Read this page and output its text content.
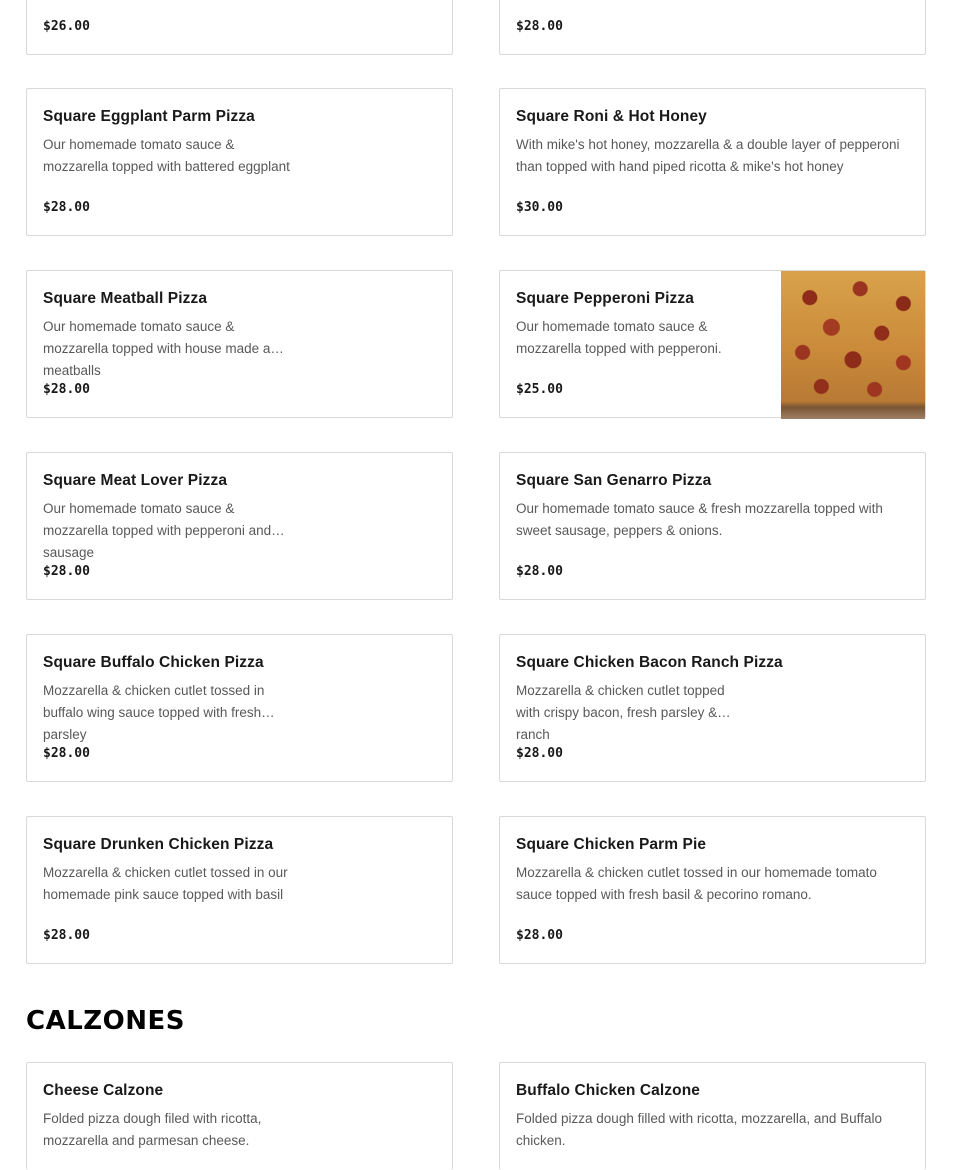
$26.00	$28.00
Square Eggplant Parm Pizza
Our homemade tomato sauce & mozzarella topped with battered eggplant
$28.00
Square Roni & Hot Honey
With mike's hot honey, mozzarella & a double layer of pepperoni than topped with hand piped ricotta & mike's hot honey
$30.00
Square Meatball Pizza
Our homemade tomato sauce & mozzarella topped with house made a meatballs
$28.00
Square Pepperoni Pizza
Our homemade tomato sauce & mozzarella topped with pepperoni.
$25.00
Square Meat Lover Pizza
Our homemade tomato sauce & mozzarella topped with pepperoni and sausage
$28.00
Square San Genarro Pizza
Our homemade tomato sauce & fresh mozzarella topped with sweet sausage, peppers & onions.
$28.00
Square Buffalo Chicken Pizza
Mozzarella & chicken cutlet tossed in buffalo wing sauce topped with fresh parsley
$28.00
Square Chicken Bacon Ranch Pizza
Mozzarella & chicken cutlet topped with crispy bacon, fresh parsley & ranch
$28.00
Square Drunken Chicken Pizza
Mozzarella & chicken cutlet tossed in our homemade pink sauce topped with basil
$28.00
Square Chicken Parm Pie
Mozzarella & chicken cutlet tossed in our homemade tomato sauce topped with fresh basil & pecorino romano.
$28.00
CALZONES
Cheese Calzone
Folded pizza dough filed with ricotta, mozzarella and parmesan cheese.
Buffalo Chicken Calzone
Folded pizza dough filled with ricotta, mozzarella, and Buffalo chicken.
